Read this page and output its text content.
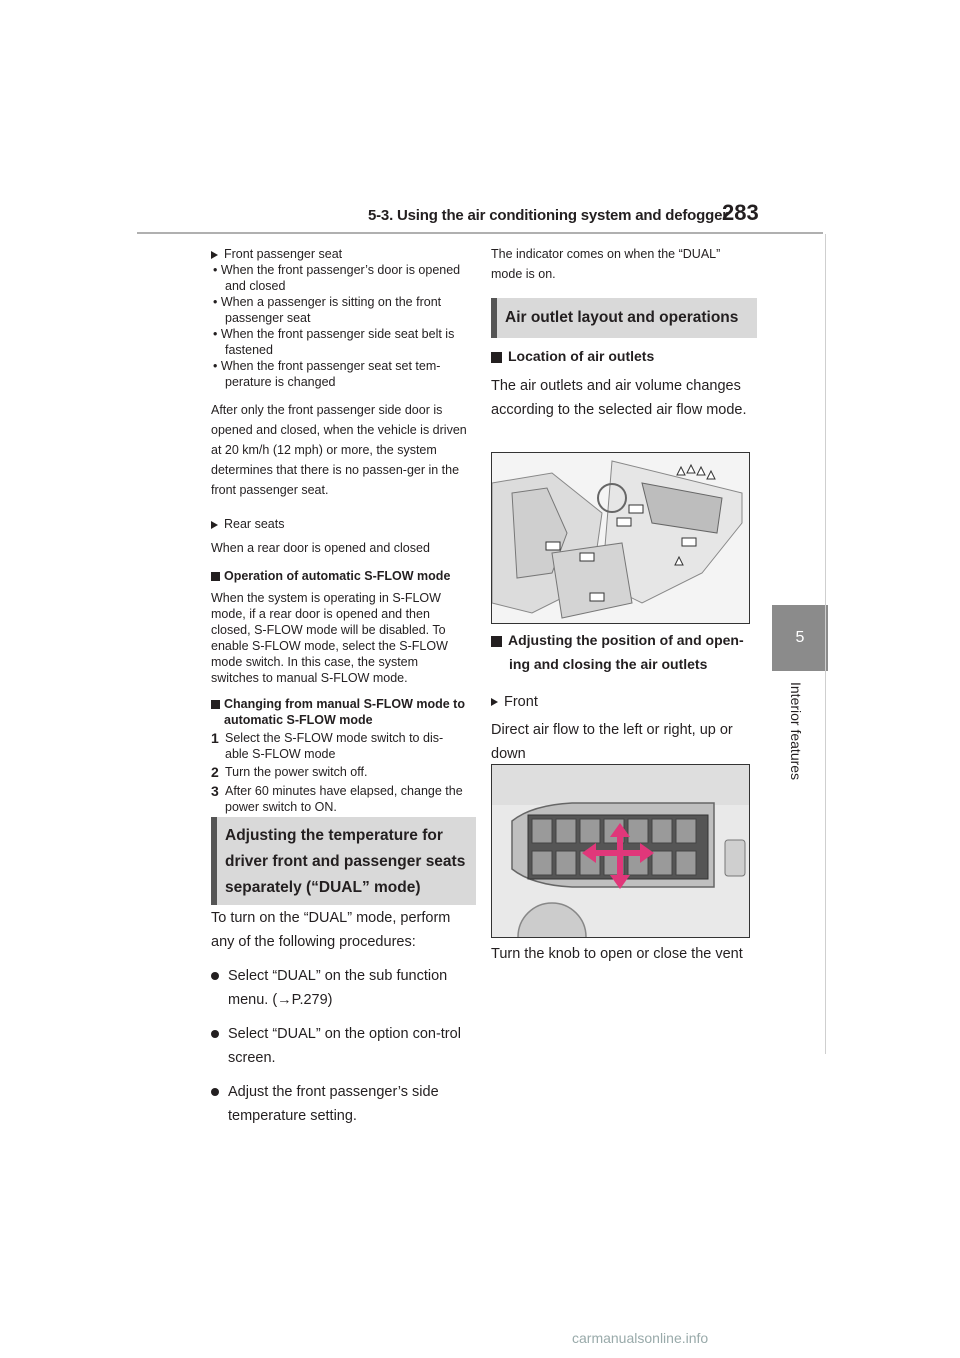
5-3. Using the air conditioning system and defogger
283
5
Interior features
Front passenger seat
• When the front passenger’s door is opened and closed
• When a passenger is sitting on the front passenger seat
• When the front passenger side seat belt is fastened
• When the front passenger seat set tem-perature is changed
After only the front passenger side door is opened and closed, when the vehicle is driven at 20 km/h (12 mph) or more, the system determines that there is no passen-ger in the front passenger seat.
Rear seats
When a rear door is opened and closed
Operation of automatic S-FLOW mode
When the system is operating in S-FLOW mode, if a rear door is opened and then closed, S-FLOW mode will be disabled. To enable S-FLOW mode, select the S-FLOW mode switch. In this case, the system switches to manual S-FLOW mode.
Changing from manual S-FLOW mode to automatic S-FLOW mode
1 Select the S-FLOW mode switch to dis-able S-FLOW mode
2 Turn the power switch off.
3 After 60 minutes have elapsed, change the power switch to ON.
Adjusting the temperature for
driver front and passenger seats
separately (“DUAL” mode)
To turn on the “DUAL” mode, perform any of the following procedures:
Select “DUAL” on the sub function menu. (→P.279)
Select “DUAL” on the option con-trol screen.
Adjust the front passenger’s side temperature setting.
The indicator comes on when the “DUAL” mode is on.
Air outlet layout and operations
Location of air outlets
The air outlets and air volume changes according to the selected air flow mode.
Adjusting the position of and open-ing and closing the air outlets
Front
Direct air flow to the left or right, up or down
Turn the knob to open or close the vent
carmanualsonline.info
